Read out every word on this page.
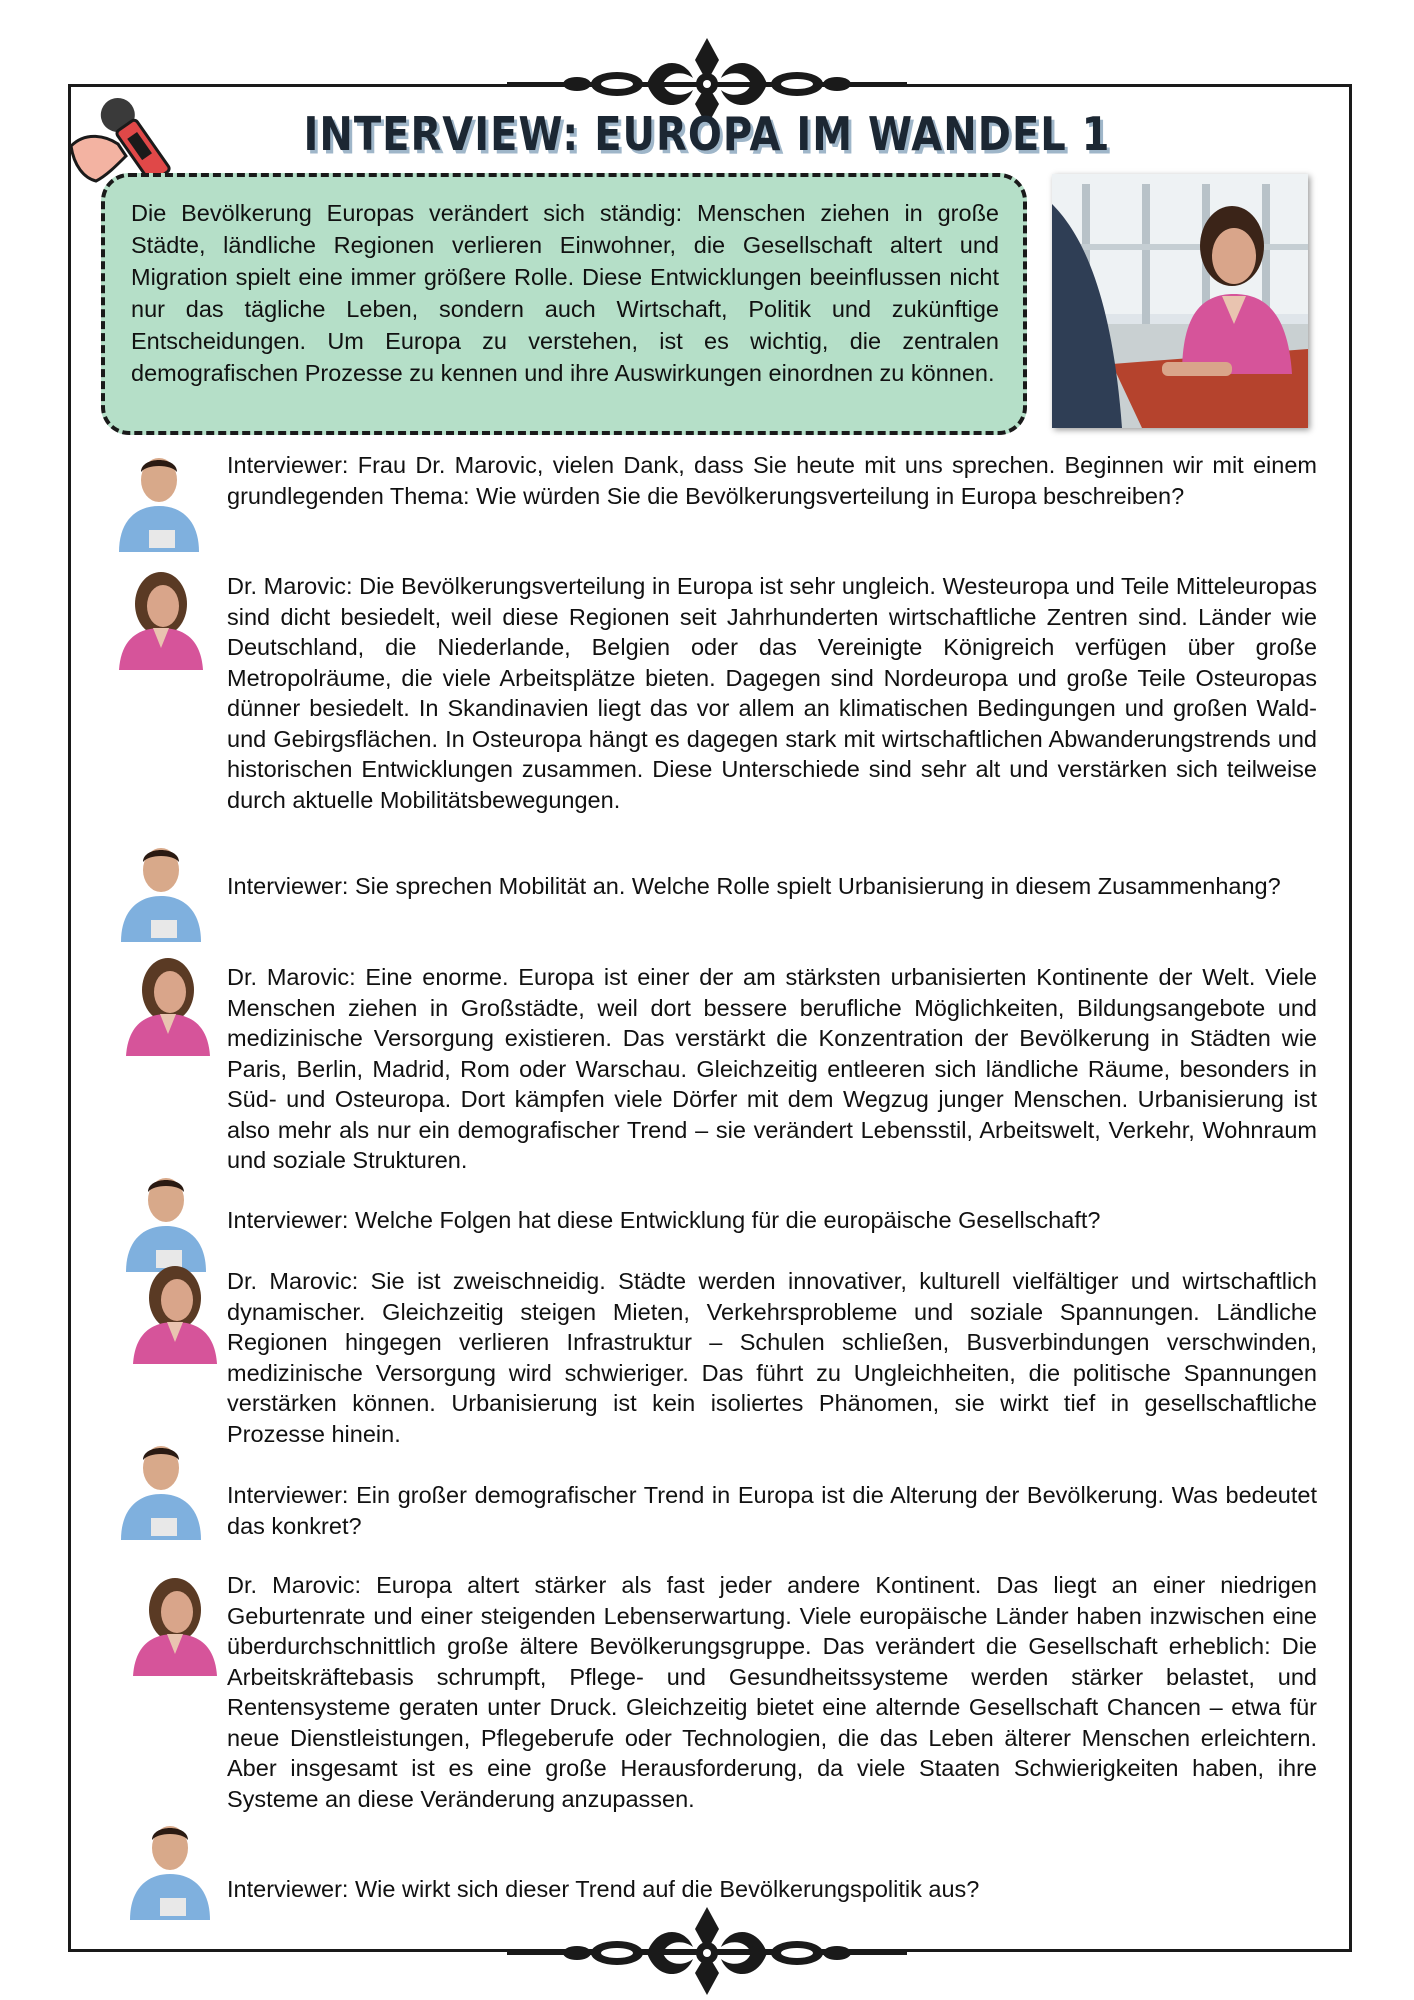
INTERVIEW: EUROPA IM WANDEL 1
Die Bevölkerung Europas verändert sich ständig: Menschen ziehen in große Städte, ländliche Regionen verlieren Einwohner, die Gesellschaft altert und Migration spielt eine immer größere Rolle. Diese Entwicklungen beeinflussen nicht nur das tägliche Leben, sondern auch Wirtschaft, Politik und zukünftige Entscheidungen. Um Europa zu verstehen, ist es wichtig, die zentralen demografischen Prozesse zu kennen und ihre Auswirkungen einordnen zu können.

Interviewer: Frau Dr. Marovic, vielen Dank, dass Sie heute mit uns sprechen. Beginnen wir mit einem grundlegenden Thema: Wie würden Sie die Bevölkerungsverteilung in Europa beschreiben?

Dr. Marovic: Die Bevölkerungsverteilung in Europa ist sehr ungleich. Westeuropa und Teile Mitteleuropas sind dicht besiedelt, weil diese Regionen seit Jahrhunderten wirtschaftliche Zentren sind. Länder wie Deutschland, die Niederlande, Belgien oder das Vereinigte Königreich verfügen über große Metropolräume, die viele Arbeitsplätze bieten. Dagegen sind Nordeuropa und große Teile Osteuropas dünner besiedelt. In Skandinavien liegt das vor allem an klimatischen Bedingungen und großen Wald- und Gebirgsflächen. In Osteuropa hängt es dagegen stark mit wirtschaftlichen Abwanderungstrends und historischen Entwicklungen zusammen. Diese Unterschiede sind sehr alt und verstärken sich teilweise durch aktuelle Mobilitätsbewegungen.

Interviewer: Sie sprechen Mobilität an. Welche Rolle spielt Urbanisierung in diesem Zusammenhang?

Dr. Marovic: Eine enorme. Europa ist einer der am stärksten urbanisierten Kontinente der Welt. Viele Menschen ziehen in Großstädte, weil dort bessere berufliche Möglichkeiten, Bildungsangebote und medizinische Versorgung existieren. Das verstärkt die Konzentration der Bevölkerung in Städten wie Paris, Berlin, Madrid, Rom oder Warschau. Gleichzeitig entleeren sich ländliche Räume, besonders in Süd- und Osteuropa. Dort kämpfen viele Dörfer mit dem Wegzug junger Menschen. Urbanisierung ist also mehr als nur ein demografischer Trend – sie verändert Lebensstil, Arbeitswelt, Verkehr, Wohnraum und soziale Strukturen.

Interviewer: Welche Folgen hat diese Entwicklung für die europäische Gesellschaft?

Dr. Marovic: Sie ist zweischneidig. Städte werden innovativer, kulturell vielfältiger und wirtschaftlich dynamischer. Gleichzeitig steigen Mieten, Verkehrsprobleme und soziale Spannungen. Ländliche Regionen hingegen verlieren Infrastruktur – Schulen schließen, Busverbindungen verschwinden, medizinische Versorgung wird schwieriger. Das führt zu Ungleichheiten, die politische Spannungen verstärken können. Urbanisierung ist kein isoliertes Phänomen, sie wirkt tief in gesellschaftliche Prozesse hinein.

Interviewer: Ein großer demografischer Trend in Europa ist die Alterung der Bevölkerung. Was bedeutet das konkret?

Dr. Marovic: Europa altert stärker als fast jeder andere Kontinent. Das liegt an einer niedrigen Geburtenrate und einer steigenden Lebenserwartung. Viele europäische Länder haben inzwischen eine überdurchschnittlich große ältere Bevölkerungsgruppe. Das verändert die Gesellschaft erheblich: Die Arbeitskräftebasis schrumpft, Pflege- und Gesundheitssysteme werden stärker belastet, und Rentensysteme geraten unter Druck. Gleichzeitig bietet eine alternde Gesellschaft Chancen – etwa für neue Dienstleistungen, Pflegeberufe oder Technologien, die das Leben älterer Menschen erleichtern. Aber insgesamt ist es eine große Herausforderung, da viele Staaten Schwierigkeiten haben, ihre Systeme an diese Veränderung anzupassen.

Interviewer: Wie wirkt sich dieser Trend auf die Bevölkerungspolitik aus?
